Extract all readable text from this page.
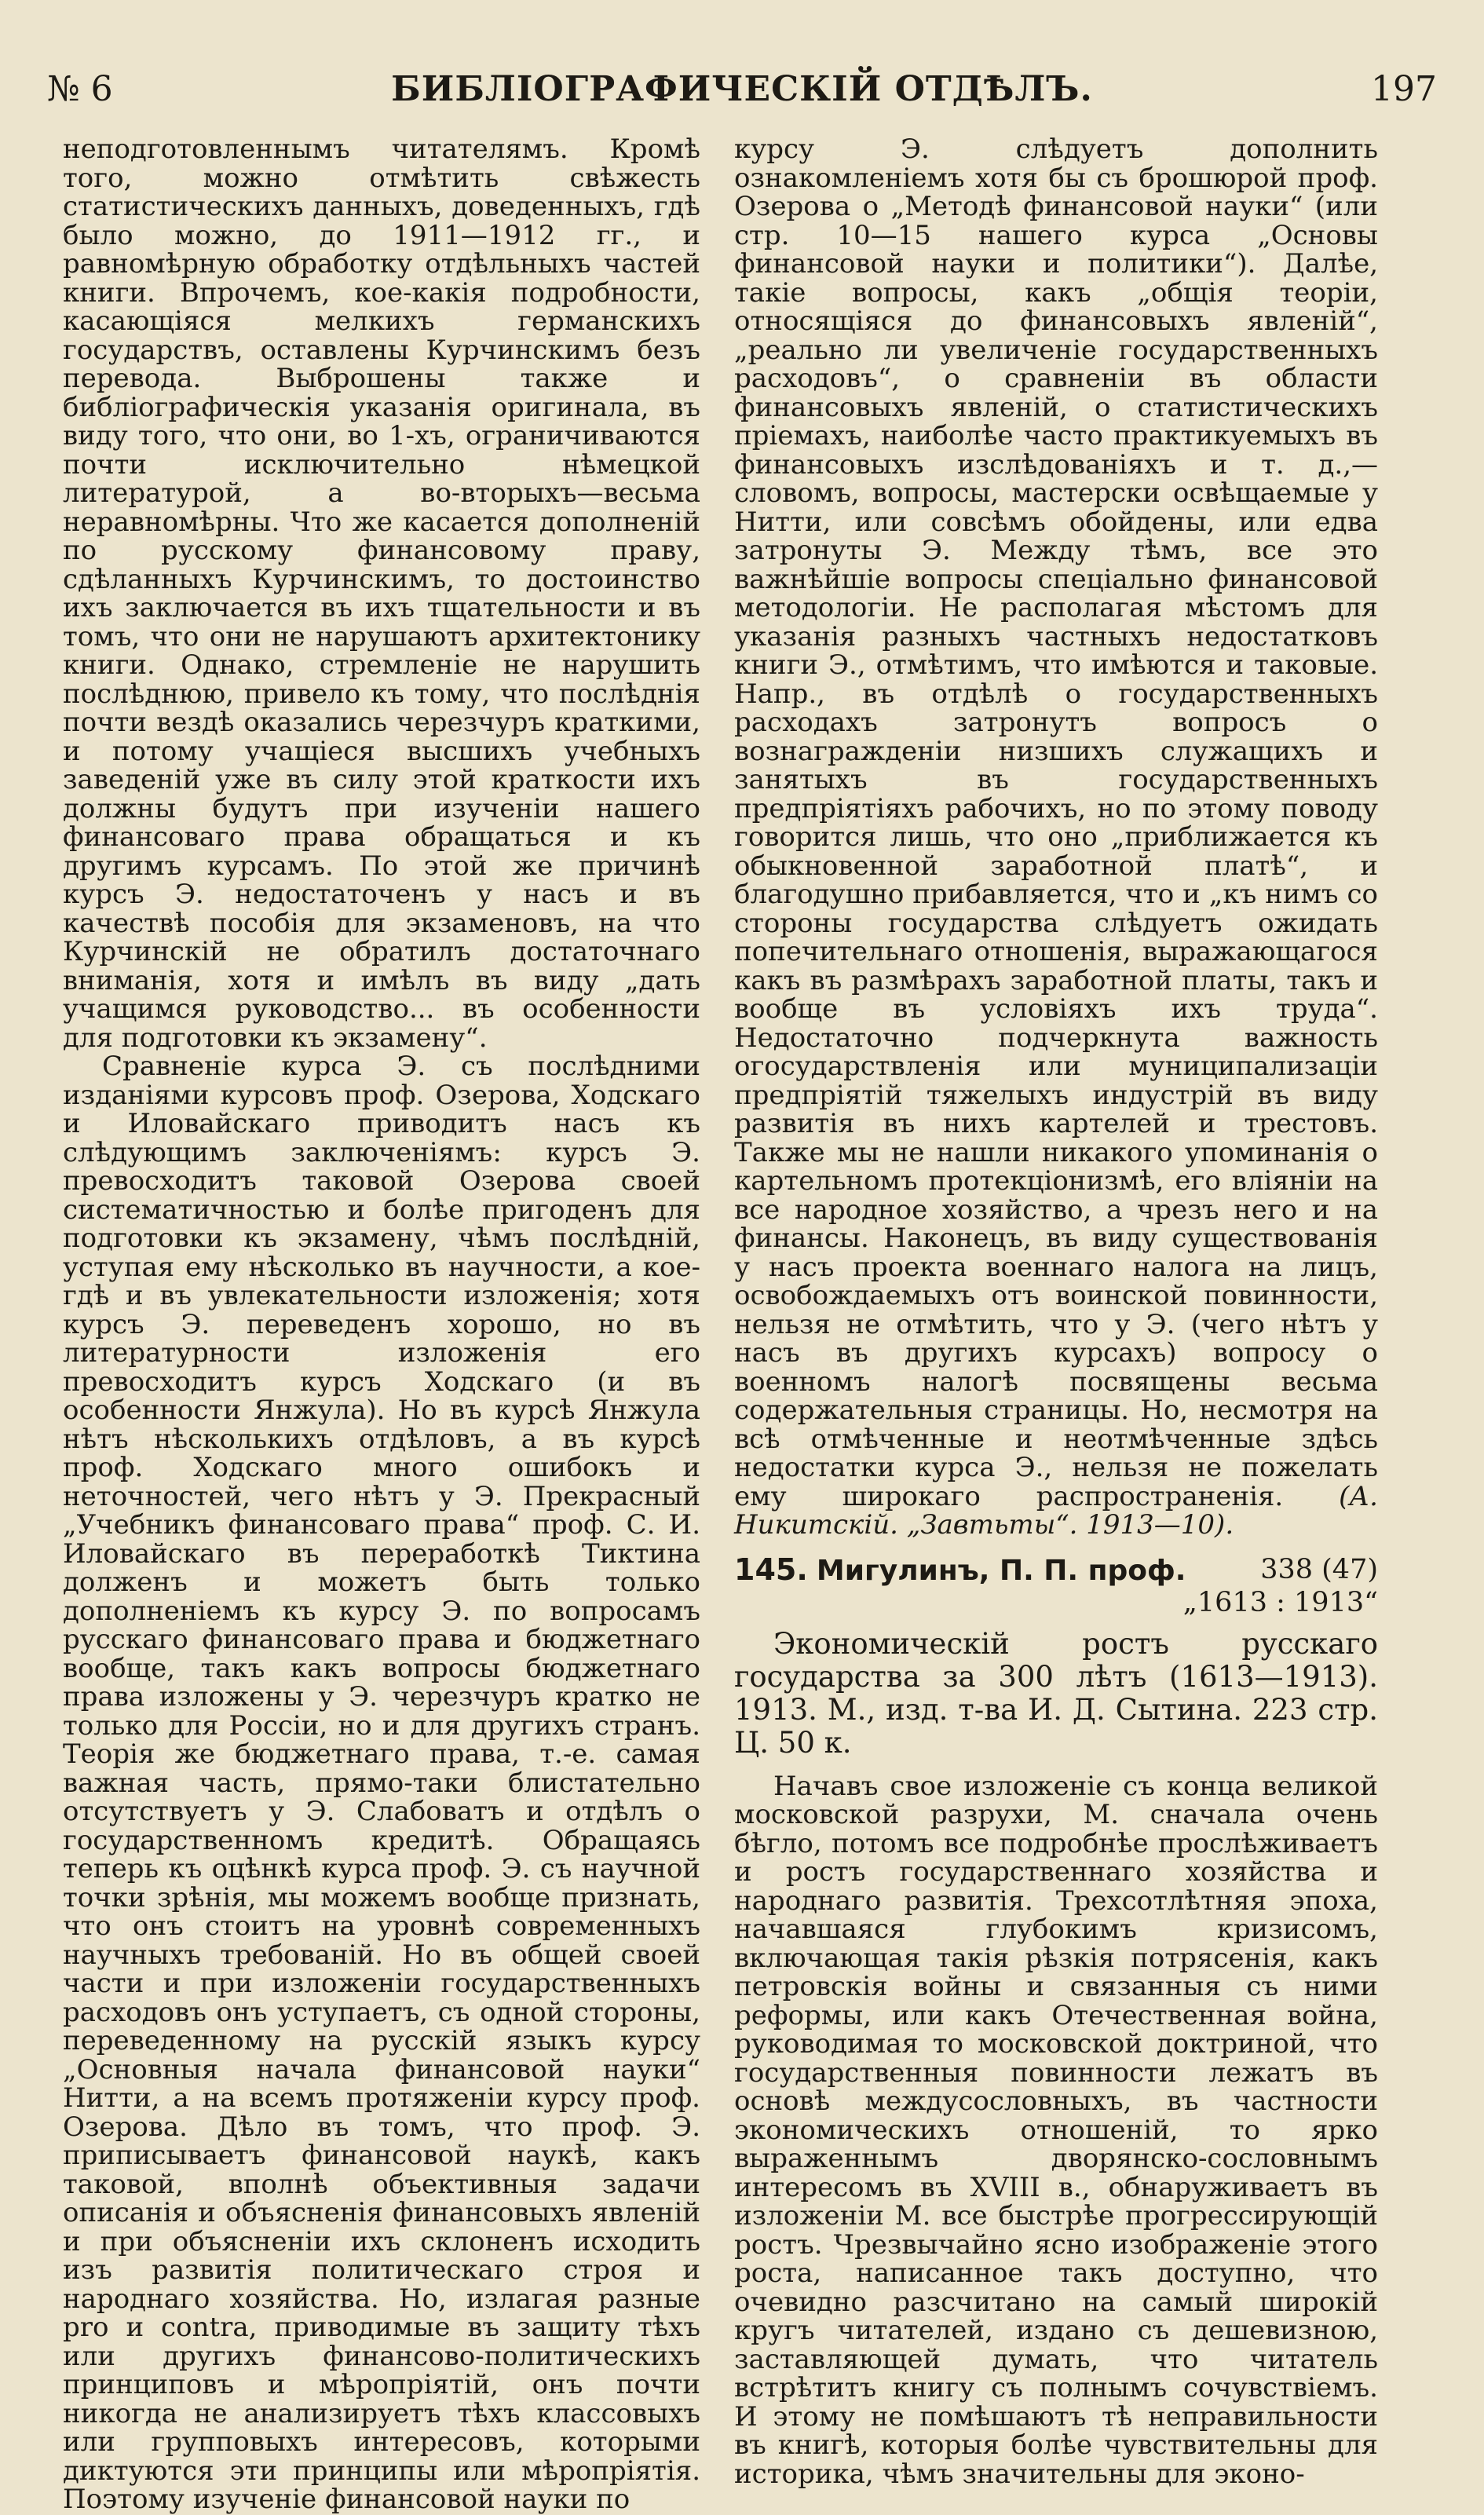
№ 6	БИБЛІОГРАФИЧЕСКІЙ ОТДѢЛЪ.	197

неподготовленнымъ читателямъ. Кромѣ того, можно отмѣтить свѣжесть статистическихъ данныхъ, доведенныхъ, гдѣ было можно, до 1911—1912 гг., и равномѣрную обработку отдѣльныхъ частей книги. Впрочемъ, кое-какія подробности, касающіяся мелкихъ германскихъ государствъ, оставлены Курчинскимъ безъ перевода. Выброшены также и библіографическія указанія оригинала, въ виду того, что они, во 1-хъ, ограничиваются почти исключительно нѣмецкой литературой, а во-вторыхъ—весьма неравномѣрны. Что же касается дополненій по русскому финансовому праву, сдѣланныхъ Курчинскимъ, то достоинство ихъ заключается въ ихъ тщательности и въ томъ, что они не нарушаютъ архитектонику книги. Однако, стремленіе не нарушить послѣднюю, привело къ тому, что послѣднія почти вездѣ оказались черезчуръ краткими, и потому учащіеся высшихъ учебныхъ заведеній уже въ силу этой краткости ихъ должны будутъ при изученіи нашего финансоваго права обращаться и къ другимъ курсамъ. По этой же причинѣ курсъ Э. недостаточенъ у насъ и въ качествѣ пособія для экзаменовъ, на что Курчинскій не обратилъ достаточнаго вниманія, хотя и имѣлъ въ виду „дать учащимся руководство... въ особенности для подготовки къ экзамену“.

Сравненіе курса Э. съ послѣдними изданіями курсовъ проф. Озерова, Ходскаго и Иловайскаго приводитъ насъ къ слѣдующимъ заключеніямъ: курсъ Э. превосходитъ таковой Озерова своей систематичностью и болѣе пригоденъ для подготовки къ экзамену, чѣмъ послѣдній, уступая ему нѣсколько въ научности, а кое-гдѣ и въ увлекательности изложенія; хотя курсъ Э. переведенъ хорошо, но въ литературности изложенія его превосходитъ курсъ Ходскаго (и въ особенности Янжула). Но въ курсѣ Янжула нѣтъ нѣсколькихъ отдѣловъ, а въ курсѣ проф. Ходскаго много ошибокъ и неточностей, чего нѣтъ у Э. Прекрасный „Учебникъ финансоваго права“ проф. С. И. Иловайскаго въ переработкѣ Тиктина долженъ и можетъ быть только дополненіемъ къ курсу Э. по вопросамъ русскаго финансоваго права и бюджетнаго вообще, такъ какъ вопросы бюджетнаго права изложены у Э. черезчуръ кратко не только для Россіи, но и для другихъ странъ. Теорія же бюджетнаго права, т.-е. самая важная часть, прямо-таки блистательно отсутствуетъ у Э. Слабоватъ и отдѣлъ о государственномъ кредитѣ. Обращаясь теперь къ оцѣнкѣ курса проф. Э. съ научной точки зрѣнія, мы можемъ вообще признать, что онъ стоитъ на уровнѣ современныхъ научныхъ требованій. Но въ общей своей части и при изложеніи государственныхъ расходовъ онъ уступаетъ, съ одной стороны, переведенному на русскій языкъ курсу „Основныя начала финансовой науки“ Нитти, а на всемъ протяженіи курсу проф. Озерова. Дѣло въ томъ, что проф. Э. приписываетъ финансовой наукѣ, какъ таковой, вполнѣ объективныя задачи описанія и объясненія финансовыхъ явленій и при объясненіи ихъ склоненъ исходить изъ развитія политическаго строя и народнаго хозяйства. Но, излагая разные pro и contra, приводимые въ защиту тѣхъ или другихъ финансово-политическихъ принциповъ и мѣропріятій, онъ почти никогда не анализируетъ тѣхъ классовыхъ или групповыхъ интересовъ, которыми диктуются эти принципы или мѣропріятія. Поэтому изученіе финансовой науки по

курсу Э. слѣдуетъ дополнить ознакомленіемъ хотя бы съ брошюрой проф. Озерова о „Методѣ финансовой науки“ (или стр. 10—15 нашего курса „Основы финансовой науки и политики“). Далѣе, такіе вопросы, какъ „общія теоріи, относящіяся до финансовыхъ явленій“, „реально ли увеличеніе государственныхъ расходовъ“, о сравненіи въ области финансовыхъ явленій, о статистическихъ пріемахъ, наиболѣе часто практикуемыхъ въ финансовыхъ изслѣдованіяхъ и т. д.,—словомъ, вопросы, мастерски освѣщаемые у Нитти, или совсѣмъ обойдены, или едва затронуты Э. Между тѣмъ, все это важнѣйшіе вопросы спеціально финансовой методологіи. Не располагая мѣстомъ для указанія разныхъ частныхъ недостатковъ книги Э., отмѣтимъ, что имѣются и таковые. Напр., въ отдѣлѣ о государственныхъ расходахъ затронутъ вопросъ о вознагражденіи низшихъ служащихъ и занятыхъ въ государственныхъ предпріятіяхъ рабочихъ, но по этому поводу говорится лишь, что оно „приближается къ обыкновенной заработной платѣ“, и благодушно прибавляется, что и „къ нимъ со стороны государства слѣдуетъ ожидать попечительнаго отношенія, выражающагося какъ въ размѣрахъ заработной платы, такъ и вообще въ условіяхъ ихъ труда“. Недостаточно подчеркнута важность огосударствленія или муниципализаціи предпріятій тяжелыхъ индустрій въ виду развитія въ нихъ картелей и трестовъ. Также мы не нашли никакого упоминанія о картельномъ протекціонизмѣ, его вліяніи на все народное хозяйство, а чрезъ него и на финансы. Наконецъ, въ виду существованія у насъ проекта военнаго налога на лицъ, освобождаемыхъ отъ воинской повинности, нельзя не отмѣтить, что у Э. (чего нѣтъ у насъ въ другихъ курсахъ) вопросу о военномъ налогѣ посвящены весьма содержательныя страницы. Но, несмотря на всѣ отмѣченные и неотмѣченные здѣсь недостатки курса Э., нельзя не пожелать ему широкаго распространенія. (А. Никитскій. „Завтьты“. 1913—10).

145. Мигулинъ, П. П. проф.	338 (47)
„1613 : 1913“
Экономическій ростъ русскаго государства за 300 лѣтъ (1613—1913). 1913. М., изд. т-ва И. Д. Сытина. 223 стр. Ц. 50 к.

Начавъ свое изложеніе съ конца великой московской разрухи, М. сначала очень бѣгло, потомъ все подробнѣе прослѣживаетъ и ростъ государственнаго хозяйства и народнаго развитія. Трехсотлѣтняя эпоха, начавшаяся глубокимъ кризисомъ, включающая такія рѣзкія потрясенія, какъ петровскія войны и связанныя съ ними реформы, или какъ Отечественная война, руководимая то московской доктриной, что государственныя повинности лежатъ въ основѣ междусословныхъ, въ частности экономическихъ отношеній, то ярко выраженнымъ дворянско-сословнымъ интересомъ въ XVIII в., обнаруживаетъ въ изложеніи М. все быстрѣе прогрессирующій ростъ. Чрезвычайно ясно изображеніе этого роста, написанное такъ доступно, что очевидно разсчитано на самый широкій кругъ читателей, издано съ дешевизною, заставляющей думать, что читатель встрѣтитъ книгу съ полнымъ сочувствіемъ. И этому не помѣшаютъ тѣ неправильности въ книгѣ, которыя болѣе чувствительны для историка, чѣмъ значительны для эконо-
